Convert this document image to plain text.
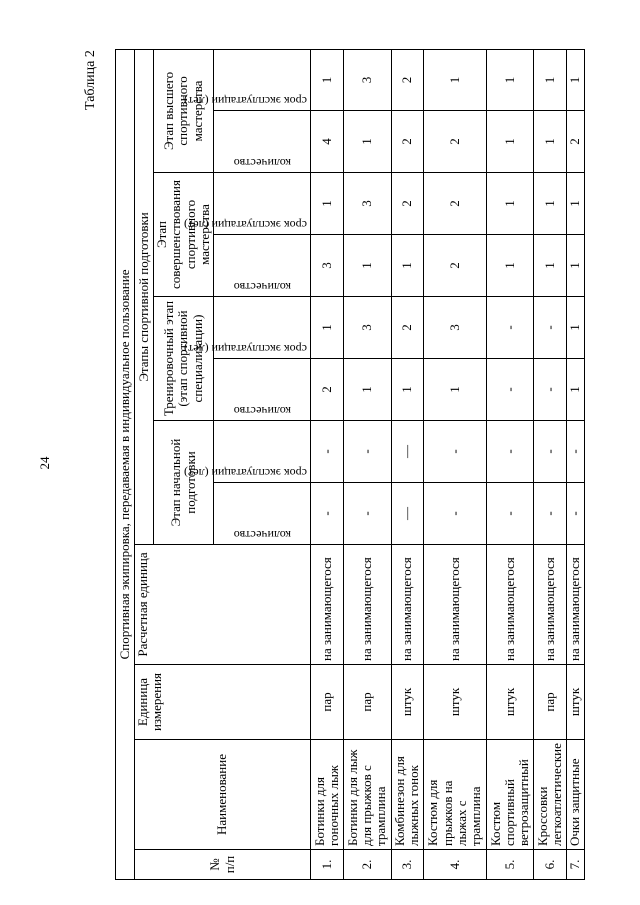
24
Таблица 2
Спортивная экипировка, передаваемая в индивидуальное пользование											
№ п/п	Наименование	Единица измерения	Расчетная единица	Этапы спортивной подготовки							
				Этап начальной подготовки		Тренировочный этап (этап спортивной специализации)		Этап совершенствования спортивного мастерства		Этап высшего спортивного мастерства	

				количество	срок эксплуатации (лет)	количество	срок эксплуатации (лет)	количество	срок эксплуатации (лет)	количество	срок эксплуатации (лет)

1.	Ботинки для гоночных лыж	пар	на занимающегося	-	-	2	1	3	1	4	1
2.	Ботинки для лыж для прыжков с трамплина	пар	на занимающегося	-	-	1	3	1	3	1	3
3.	Комбинезон для лыжных гонок	штук	на занимающегося	—	—	1	2	1	2	2	2
4.	Костюм для прыжков на лыжах с трамплина	штук	на занимающегося	-	-	1	3	2	2	2	1
5.	Костюм спортивный ветрозащитный	штук	на занимающегося	-	-	-	-	1	1	1	1
6.	Кроссовки легкоатлетические	пар	на занимающегося	-	-	-	-	1	1	1	1
7.	Очки защитные	штук	на занимающегося	-	-	1	1	1	1	2	1
